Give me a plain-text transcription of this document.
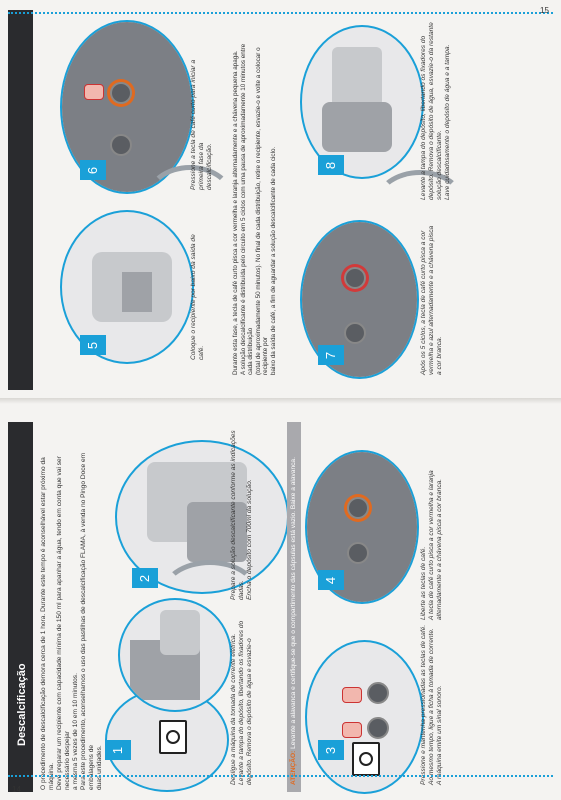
Descalcificação O procedimento de descalcificação demora cerca de 1 hora. Durante este tempo é aconselhável estar próximo da máquina. Deve preparar um recipiente com capacidade mínima de 150 ml para apanhar a água, tendo em conta que vai ser necessário despejar a mesma 5 vezes de 10 em 10 minutos. Para este procedimento, aconselhamos o uso das pastilhas de descalcificação FLAMA, à venda no Pingo Doce em embalagens de duas unidades. 1	Desligue a máquina da tomada de corrente elétrica. Levante a tampa do depósito, libertando os fixadores do depósito. Remova o depósito de água e esvazie-o
2	Prepare a solução descalcificante conforme as indicações dadas. Encha o depósito com 700ml da solução.
ATENÇÃO: Levante a alavanca e certifique-se que o compartimento das cápsulas está vazio. Baixe a alavanca.
3	Pressione e mantenha pressionadas as teclas de café. Ao mesmo tempo, ligue a ficha à tomada de corrente. A máquina emite um sinal sonoro.
4	Liberte as teclas de café. A tecla de café curto pisca a cor vermelha e laranja alternadamente e a chávena pisca a cor branca.
14
5	Coloque o recipiente por baixo da saída de café.
6	Pressione a tecla de café curto para iniciar a primeira fase da descalcificação.	Durante esta fase, a tecla de café curto pisca a cor vermelha e laranja alternadamente e a chávena pequena apaga. A solução descalcificante é distribuída pelo circuito em 5 ciclos com uma pausa de aproximadamente 10 minutos entre cada distribuição (total de aproximadamente 50 minutos). No final de cada distribuição, retire o recipiente, esvazie-o e volte a colocar o recipiente por baixo da saída de café, a fim de aguardar a solução descalcificante de cada ciclo.	7	Após os 5 ciclos, a tecla de café curto pisca a cor vermelha e azul alternadamente e a chávena pisca a cor branca.
8	Levante a tampa do depósito, libertando os fixadores do depósito. Remova o depósito de água, esvazie-o da restante solução descalcificante. Lave cuidadosamente o depósito de água e a tampa.
15
